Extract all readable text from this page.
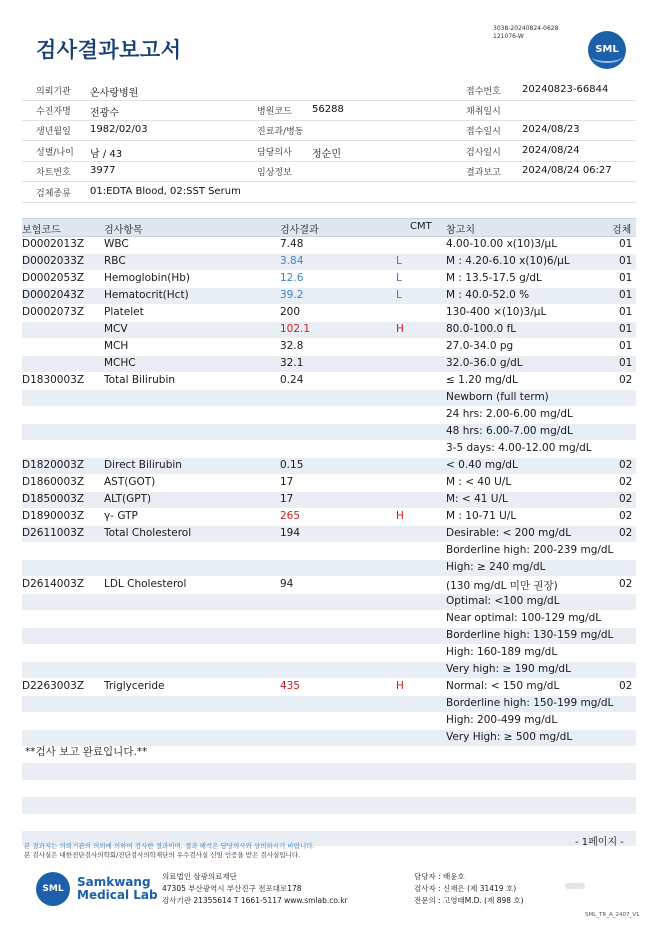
검사결과보고서
3038-20240824-0628
121076-W
SML
의뢰기관 온사랑병원	접수번호 20240823-66844
수진자명 전광수	병원코드 56288	채취일시
생년월일 1982/02/03	진료과/병동	접수일시 2024/08/23
성별/나이 남 / 43	담당의사 정순민	검사일시 2024/08/24
차트번호 3977	임상정보	결과보고 2024/08/24 06:27
검체종류 01:EDTA Blood, 02:SST Serum
보험코드	검사항목	검사결과	CMT 참고치	검체
D0002013Z WBC	7.48	4.00-10.00 x(10)3/μL	01
D0002033Z RBC	3.84	L	M : 4.20-6.10 x(10)6/μL	01
D0002053Z Hemoglobin(Hb)	12.6	L	M : 13.5-17.5 g/dL	01
D0002043Z Hematocrit(Hct)	39.2	L	M : 40.0-52.0 %	01
D0002073Z Platelet	200	130-400 ×(10)3/μL	01
MCV	102.1	H	80.0-100.0 fL	01
MCH	32.8	27.0-34.0 pg	01
MCHC	32.1	32.0-36.0 g/dL	01
D1830003Z Total Bilirubin	0.24	≤ 1.20 mg/dL	02
Newborn (full term)
24 hrs: 2.00-6.00 mg/dL
48 hrs: 6.00-7.00 mg/dL
3-5 days: 4.00-12.00 mg/dL
D1820003Z Direct Bilirubin	0.15	< 0.40 mg/dL	02
D1860003Z AST(GOT)	17	M : < 40 U/L	02
D1850003Z ALT(GPT)	17	M: < 41 U/L	02
D1890003Z γ- GTP	265	H	M : 10-71 U/L	02
D2611003Z Total Cholesterol	194	Desirable: < 200 mg/dL	02
Borderline high: 200-239 mg/dL
High: ≥ 240 mg/dL
D2614003Z LDL Cholesterol	94	(130 mg/dL 미만 권장)	02
Optimal: <100 mg/dL
Near optimal: 100-129 mg/dL
Borderline high: 130-159 mg/dL
High: 160-189 mg/dL
Very high: ≥ 190 mg/dL
D2263003Z Triglyceride	435	H	Normal: < 150 mg/dL	02
Borderline high: 150-199 mg/dL
High: 200-499 mg/dL
Very High: ≥ 500 mg/dL
**검사 보고 완료입니다.**
- 1페이지 -
본 결과지는 의뢰기관의 의뢰에 의하여 검사한 결과이며, 결과 해석은 담당의사와 상의하시기 바랍니다.
본 검사실은 대한진단검사의학회/진단검사의학재단의 우수검사실 신임 인증을 받은 검사실입니다.
SML	Samkwang
Medical Lab
의료법인 삼광의료재단
47305 부산광역시 부산진구 전포대로178
검사기관 21355614 T 1661-5117 www.smlab.co.kr
담당자 : 배윤호
검사자 : 신재은 (제 31419 호)
전문의 : 고영태M.D. (제 898 호)
SML_TR_A_2407_V1
